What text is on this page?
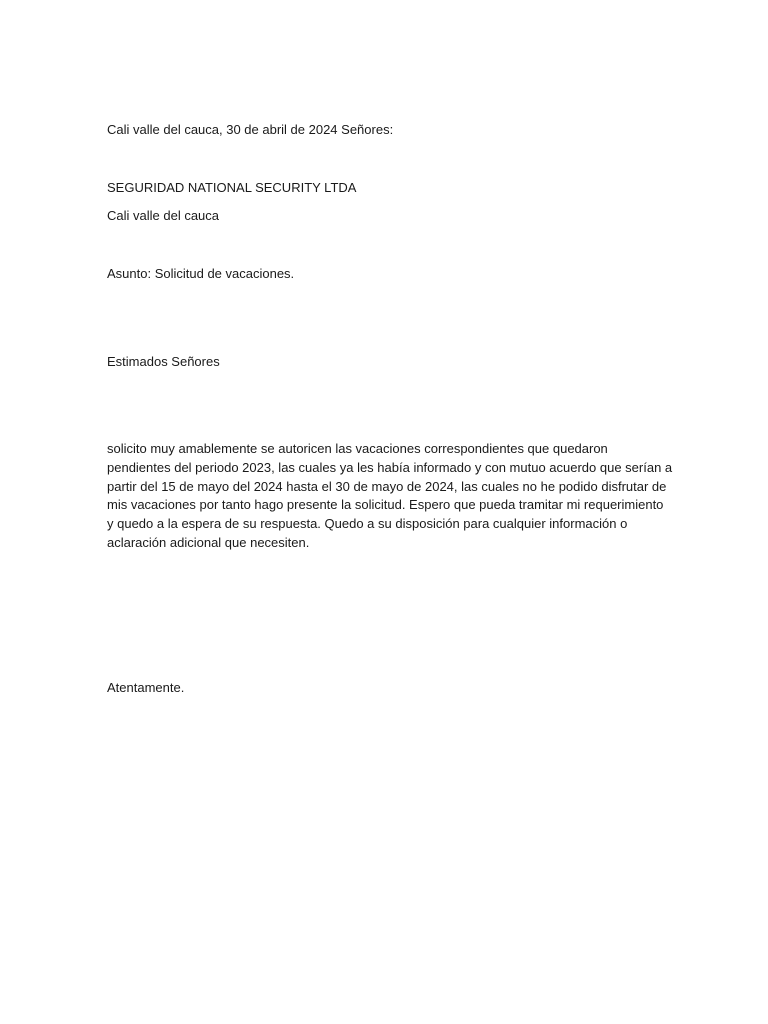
Cali valle del cauca, 30 de abril de 2024 Señores:
SEGURIDAD NATIONAL SECURITY LTDA
Cali valle del cauca
Asunto: Solicitud de vacaciones.
Estimados Señores
solicito muy amablemente se autoricen las vacaciones correspondientes que quedaron
pendientes del periodo 2023, las cuales ya les había informado y con mutuo acuerdo que serían a
partir del 15 de mayo del 2024 hasta el 30 de mayo de 2024, las cuales no he podido disfrutar de
mis vacaciones por tanto hago presente la solicitud. Espero que pueda tramitar mi requerimiento
y quedo a la espera de su respuesta. Quedo a su disposición para cualquier información o
aclaración adicional que necesiten.
Atentamente.
